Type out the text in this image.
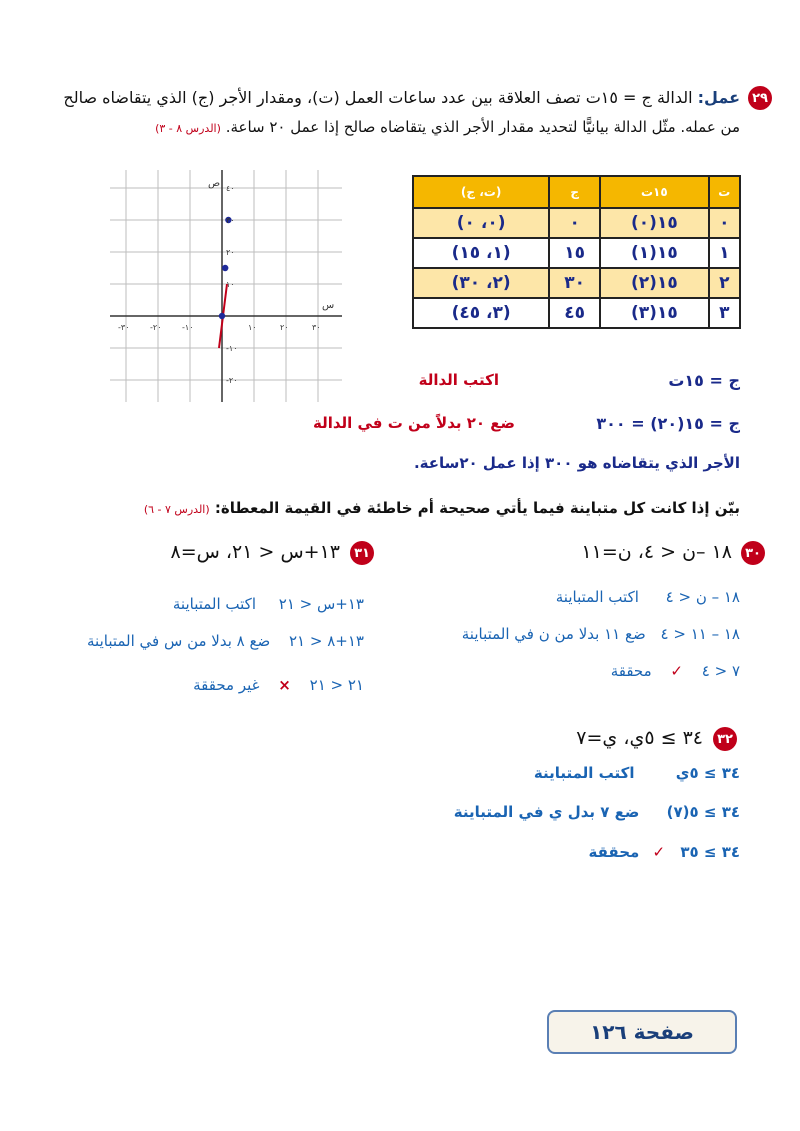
٢٩
عمل: الدالة ج = ١٥ت تصف العلاقة بين عدد ساعات العمل (ت)، ومقدار الأجر (ج) الذي يتقاضاه صالح
من عمله. مثّل الدالة بيانيًّا لتحديد مقدار الأجر الذي يتقاضاه صالح إذا عمل ٢٠ ساعة. (الدرس ٨ - ٣)
٤٠
٣٠
٢٠
١٠
-١٠
-٢٠
١٠	٢٠	٣٠
-١٠
-٢٠
-٣٠
ص
س
ت	١٥ت	ج	(ت، ج)
٠	١٥(٠)	٠	(٠، ٠)
١	١٥(١)	١٥	(١، ١٥)
٢	١٥(٢)	٣٠	(٢، ٣٠)
٣	١٥(٣)	٤٥	(٣، ٤٥)
ج = ١٥ت
اكتب الدالة
ج = ١٥(٢٠) = ٣٠٠
ضع ٢٠ بدلاً من ت في الدالة
الأجر الذي يتقاضاه هو ٣٠٠ إذا عمل ٢٠ساعة.
بيّن إذا كانت كل متباينة فيما يأتي صحيحة أم خاطئة في القيمة المعطاة: (الدرس ٧ - ٦)
٣٠
١٨ –ن < ٤، ن=١١
١٨ – ن < ٤ اكتب المتباينة
١٨ – ١١ < ٤ ضع ١١ بدلا من ن في المتباينة
٧ < ٤ ✓ محققة
٣١
١٣+س < ٢١، س=٨
١٣+س < ٢١ اكتب المتباينة
١٣+٨ < ٢١ ضع ٨ بدلا من س في المتباينة
٢١ < ٢١ × غير محققة
٣٢
٣٤ ≥ ٥ي، ي=٧
٣٤ ≥ ٥ي اكتب المتباينة
٣٤ ≥ ٥(٧) ضع ٧ بدل ي في المتباينة
٣٤ ≥ ٣٥ ✓ محققة
صفحة ١٢٦
